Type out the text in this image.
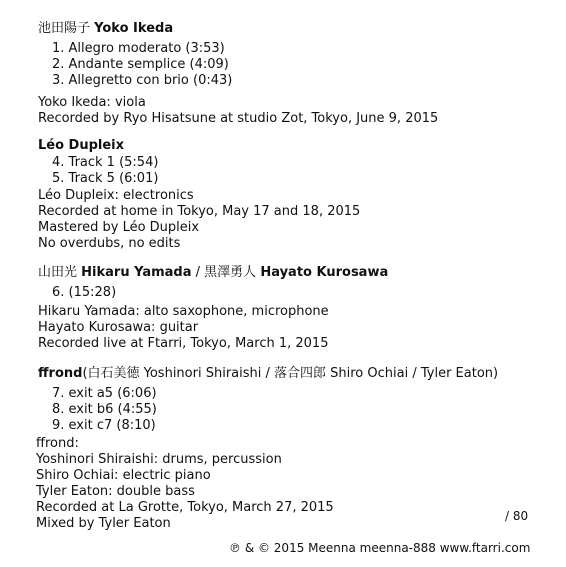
池田陽子 Yoko Ikeda
1. Allegro moderato (3:53)
2. Andante semplice (4:09)
3. Allegretto con brio (0:43)
Yoko Ikeda: viola
Recorded by Ryo Hisatsune at studio Zot, Tokyo, June 9, 2015
Léo Dupleix
4. Track 1 (5:54)
5. Track 5 (6:01)
Léo Dupleix: electronics
Recorded at home in Tokyo, May 17 and 18, 2015
Mastered by Léo Dupleix
No overdubs, no edits
山田光 Hikaru Yamada / 黒澤勇人 Hayato Kurosawa
6. (15:28)
Hikaru Yamada: alto saxophone, microphone
Hayato Kurosawa: guitar
Recorded live at Ftarri, Tokyo, March 1, 2015
ffrond(白石美徳 Yoshinori Shiraishi / 落合四郎 Shiro Ochiai / Tyler Eaton)
7. exit a5 (6:06)
8. exit b6 (4:55)
9. exit c7 (8:10)
ffrond:
Yoshinori Shiraishi: drums, percussion
Shiro Ochiai: electric piano
Tyler Eaton: double bass
Recorded at La Grotte, Tokyo, March 27, 2015
Mixed by Tyler Eaton	/ 80
℗ & © 2015 Meenna meenna-888 www.ftarri.com
